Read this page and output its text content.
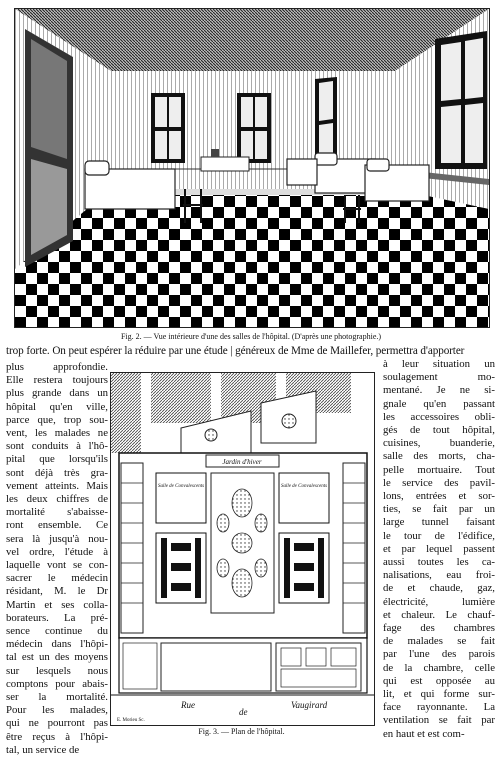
Fig. 2. — Vue intérieure d'une des salles de l'hôpital. (D'après une photographie.)
trop forte. On peut espérer la réduire par une étude | généreux de Mme de Maillefer, permettra d'apporter
plus approfondie.
Elle restera toujours
plus grande dans un
hôpital qu'en ville,
parce que, trop sou-
vent, les malades ne
sont conduits à l'hô-
pital que lorsqu'ils
sont déjà très gra-
vement atteints. Mais
les deux chiffres de
mortalité s'abaisse-
ront ensemble. Ce
sera là jusqu'à nou-
vel ordre, l'étude à
laquelle vont se con-
sacrer le médecin
résidant, M. le Dr
Martin et ses colla-
borateurs. La pré-
sence continue du
médecin dans l'hôpi-
tal est un des moyens
sur lesquels nous
comptons pour abais-
ser la mortalité.
Pour les malades,
qui ne pourront pas
être reçus à l'hôpi-
tal, un service de
Jardin d'hiver
Salle de Convalescents	Salle de Convalescents
Rue
de
Vaugirard
E. Morieu Sc.
Fig. 3. — Plan de l'hôpital.
à leur situation un
soulagement mo-
mentané. Je ne si-
gnale qu'en passant
les accessoires obli-
gés de tout hôpital,
cuisines, buanderie,
salle des morts, cha-
pelle mortuaire. Tout
le service des pavil-
lons, entrées et sor-
ties, se fait par un
large tunnel faisant
le tour de l'édifice,
et par lequel passent
aussi toutes les ca-
nalisations, eau froi-
de et chaude, gaz,
électricité, lumière
et chaleur. Le chauf-
fage des chambres
de malades se fait
par l'une des parois
de la chambre, celle
qui est opposée au
lit, et qui forme sur-
face rayonnante. La
ventilation se fait par
en haut et est com-
